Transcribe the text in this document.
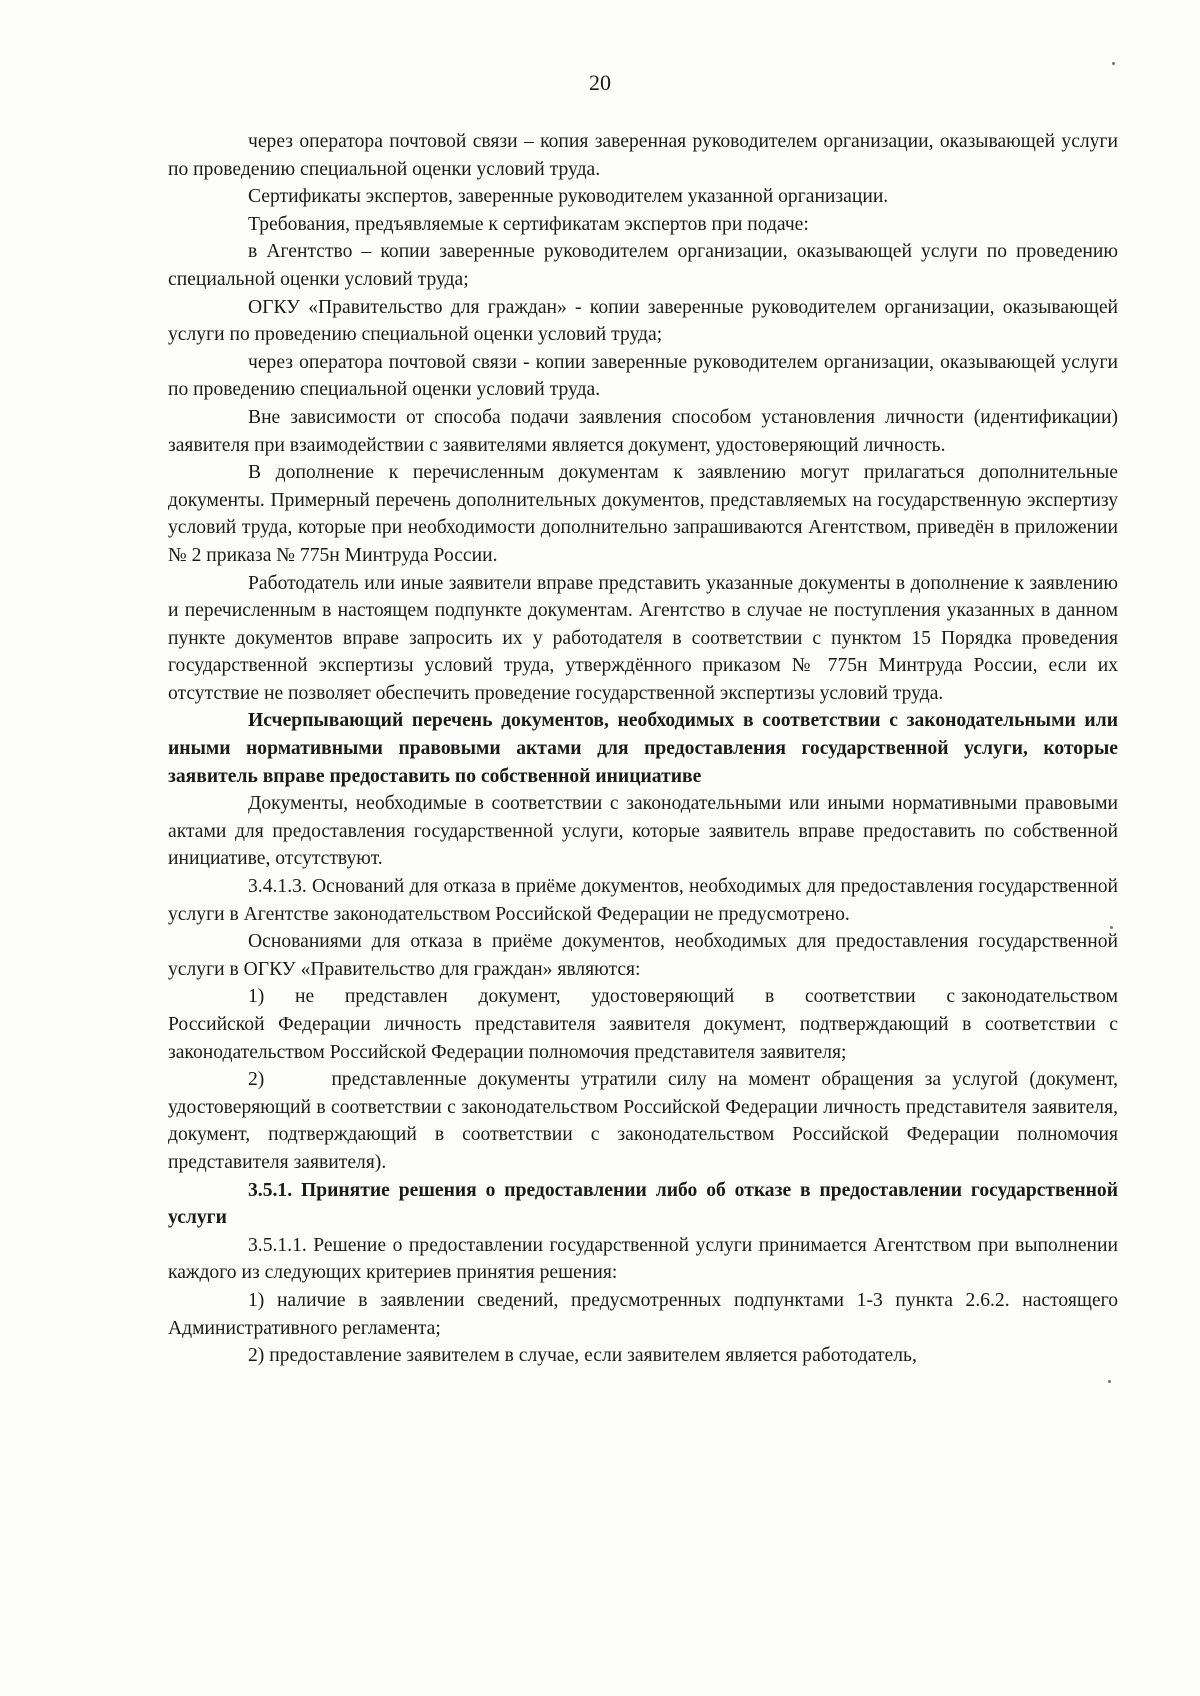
20

через оператора почтовой связи – копия заверенная руководителем организации, оказывающей услуги по проведению специальной оценки условий труда.

Сертификаты экспертов, заверенные руководителем указанной организации.

Требования, предъявляемые к сертификатам экспертов при подаче:

в Агентство – копии заверенные руководителем организации, оказывающей услуги по проведению специальной оценки условий труда;

ОГКУ «Правительство для граждан» - копии заверенные руководителем организации, оказывающей услуги по проведению специальной оценки условий труда;

через оператора почтовой связи - копии заверенные руководителем организации, оказывающей услуги по проведению специальной оценки условий труда.

Вне зависимости от способа подачи заявления способом установления личности (идентификации) заявителя при взаимодействии с заявителями является документ, удостоверяющий личность.

В дополнение к перечисленным документам к заявлению могут прилагаться дополнительные документы. Примерный перечень дополнительных документов, представляемых на государственную экспертизу условий труда, которые при необходимости дополнительно запрашиваются Агентством, приведён в приложении № 2 приказа № 775н Минтруда России.

Работодатель или иные заявители вправе представить указанные документы в дополнение к заявлению и перечисленным в настоящем подпункте документам. Агентство в случае не поступления указанных в данном пункте документов вправе запросить их у работодателя в соответствии с пунктом 15 Порядка проведения государственной экспертизы условий труда, утверждённого приказом № 775н Минтруда России, если их отсутствие не позволяет обеспечить проведение государственной экспертизы условий труда.

Исчерпывающий перечень документов, необходимых в соответствии с законодательными или иными нормативными правовыми актами для предоставления государственной услуги, которые заявитель вправе предоставить по собственной инициативе

Документы, необходимые в соответствии с законодательными или иными нормативными правовыми актами для предоставления государственной услуги, которые заявитель вправе предоставить по собственной инициативе, отсутствуют.

3.4.1.3. Оснований для отказа в приёме документов, необходимых для предоставления государственной услуги в Агентстве законодательством Российской Федерации не предусмотрено.

Основаниями для отказа в приёме документов, необходимых для предоставления государственной услуги в ОГКУ «Правительство для граждан» являются:

1)     не     представлен     документ,     удостоверяющий     в     соответствии     с законодательством Российской Федерации личность представителя заявителя документ, подтверждающий в соответствии с законодательством Российской Федерации полномочия представителя заявителя;

2)      представленные документы утратили силу на момент обращения за услугой (документ, удостоверяющий в соответствии с законодательством Российской Федерации личность представителя заявителя, документ, подтверждающий в соответствии с законодательством Российской Федерации полномочия представителя заявителя).

3.5.1. Принятие решения о предоставлении либо об отказе в предоставлении государственной услуги

3.5.1.1. Решение о предоставлении государственной услуги принимается Агентством при выполнении каждого из следующих критериев принятия решения:

1) наличие в заявлении сведений, предусмотренных подпунктами 1-3 пункта 2.6.2. настоящего Административного регламента;

2) предоставление заявителем в случае, если заявителем является работодатель,
